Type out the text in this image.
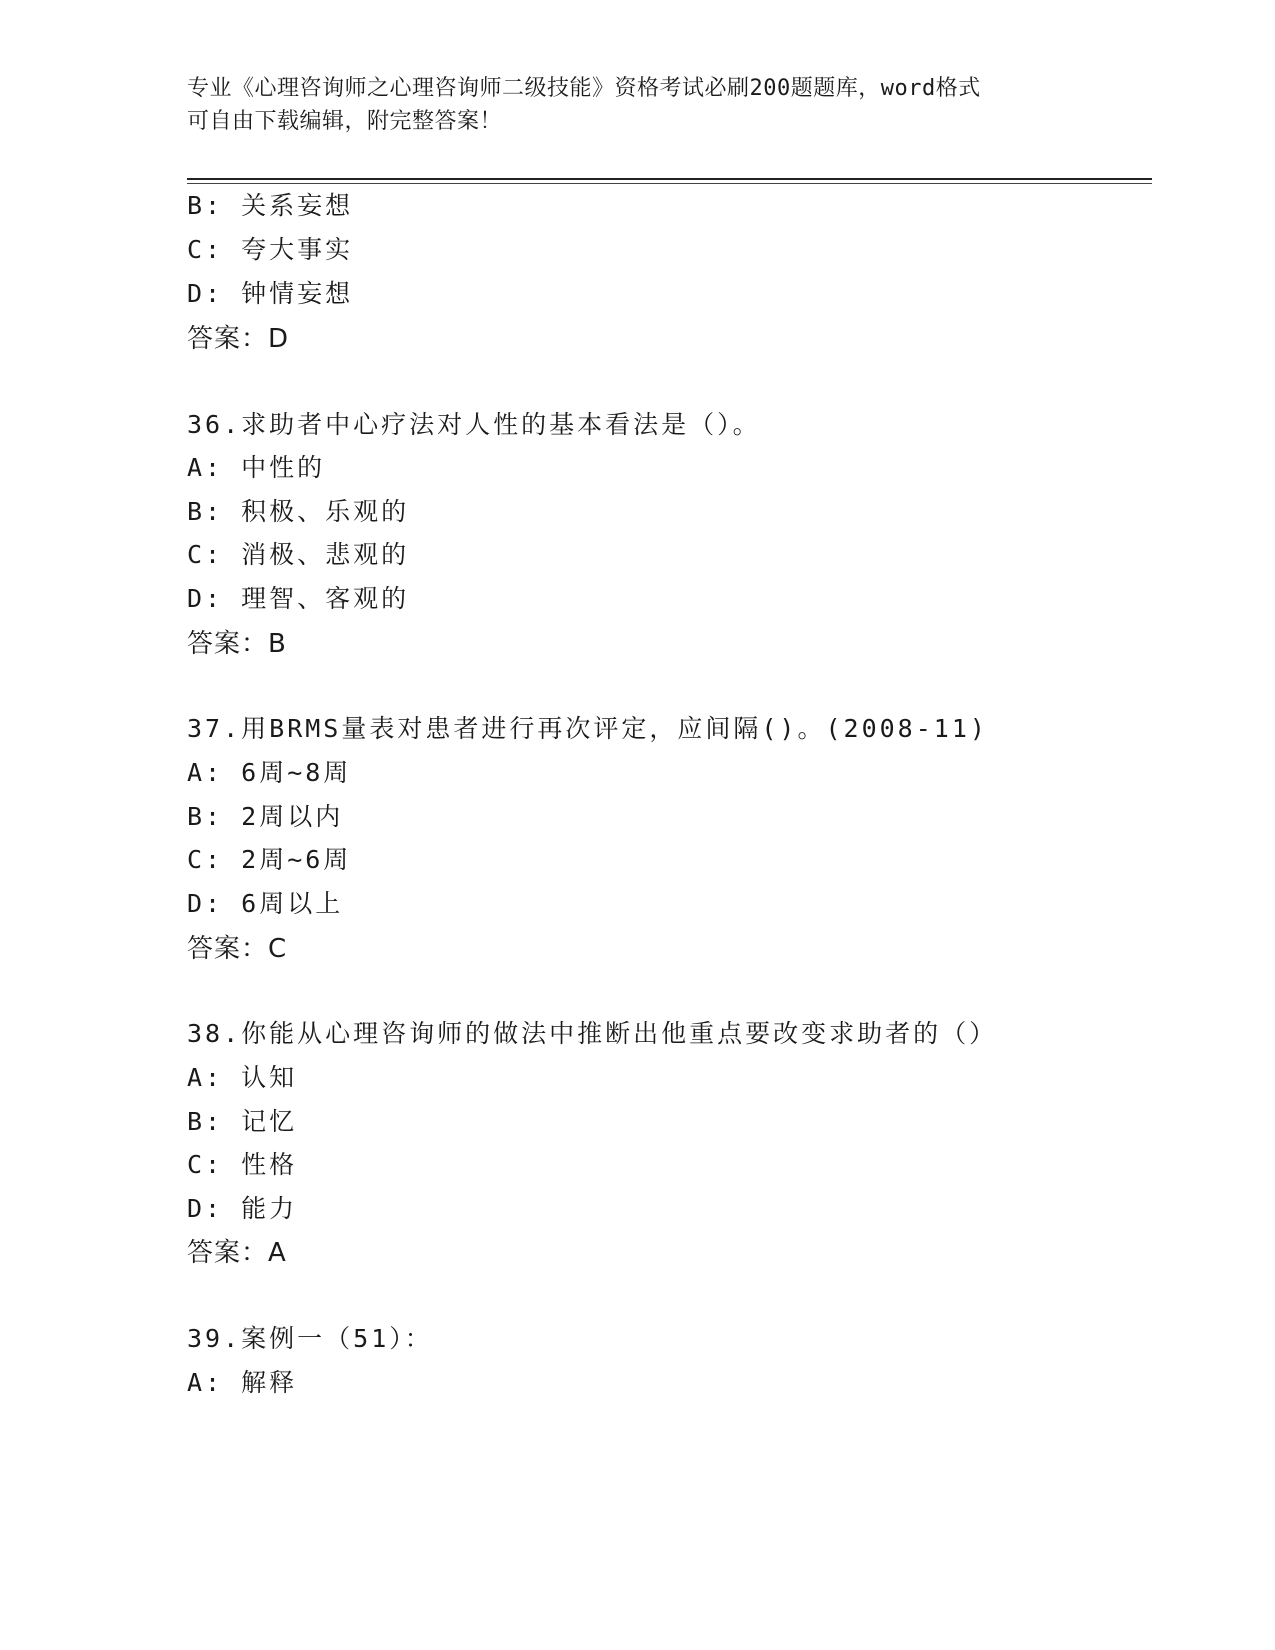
专业《心理咨询师之心理咨询师二级技能》资格考试必刷200题题库，word格式
可自由下载编辑，附完整答案！
B: 关系妄想
C: 夸大事实
D: 钟情妄想
答案：D
36.求助者中心疗法对人性的基本看法是（）。
A: 中性的
B: 积极、乐观的
C: 消极、悲观的
D: 理智、客观的
答案：B
37.用BRMS量表对患者进行再次评定，应间隔()。(2008-11)
A: 6周~8周
B: 2周以内
C: 2周~6周
D: 6周以上
答案：C
38.你能从心理咨询师的做法中推断出他重点要改变求助者的（）
A: 认知
B: 记忆
C: 性格
D: 能力
答案：A
39.案例一（51）：
A: 解释
